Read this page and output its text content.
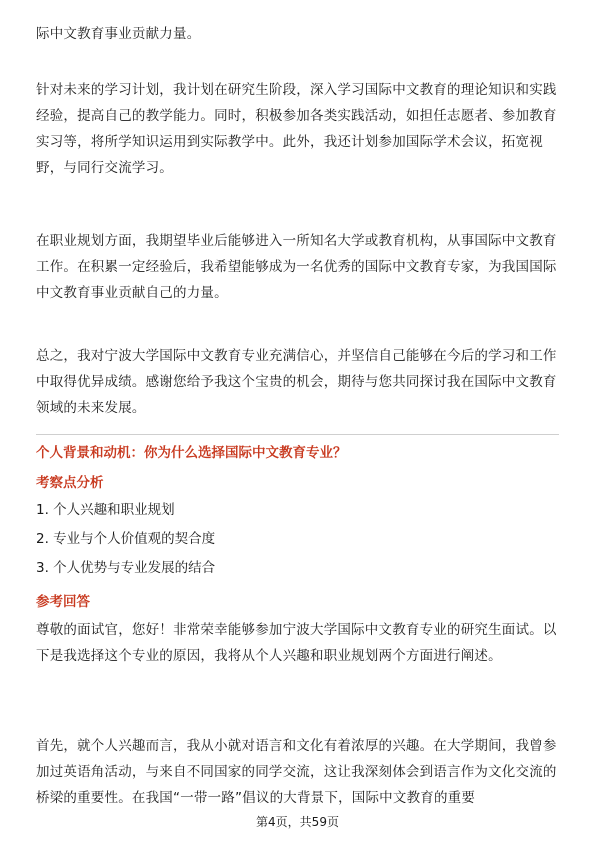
际中文教育事业贡献力量。

针对未来的学习计划，我计划在研究生阶段，深入学习国际中文教育的理论知识和实践经验，提高自己的教学能力。同时，积极参加各类实践活动，如担任志愿者、参加教育实习等，将所学知识运用到实际教学中。此外，我还计划参加国际学术会议，拓宽视野，与同行交流学习。

在职业规划方面，我期望毕业后能够进入一所知名大学或教育机构，从事国际中文教育工作。在积累一定经验后，我希望能够成为一名优秀的国际中文教育专家，为我国国际中文教育事业贡献自己的力量。

总之，我对宁波大学国际中文教育专业充满信心，并坚信自己能够在今后的学习和工作中取得优异成绩。感谢您给予我这个宝贵的机会，期待与您共同探讨我在国际中文教育领域的未来发展。

个人背景和动机：你为什么选择国际中文教育专业？
考察点分析
1. 个人兴趣和职业规划
2. 专业与个人价值观的契合度
3. 个人优势与专业发展的结合
参考回答

尊敬的面试官，您好！非常荣幸能够参加宁波大学国际中文教育专业的研究生面试。以下是我选择这个专业的原因，我将从个人兴趣和职业规划两个方面进行阐述。

首先，就个人兴趣而言，我从小就对语言和文化有着浓厚的兴趣。在大学期间，我曾参加过英语角活动，与来自不同国家的同学交流，这让我深刻体会到语言作为文化交流的桥梁的重要性。在我国“一带一路”倡议的大背景下，国际中文教育的重要

第4页，共59页
